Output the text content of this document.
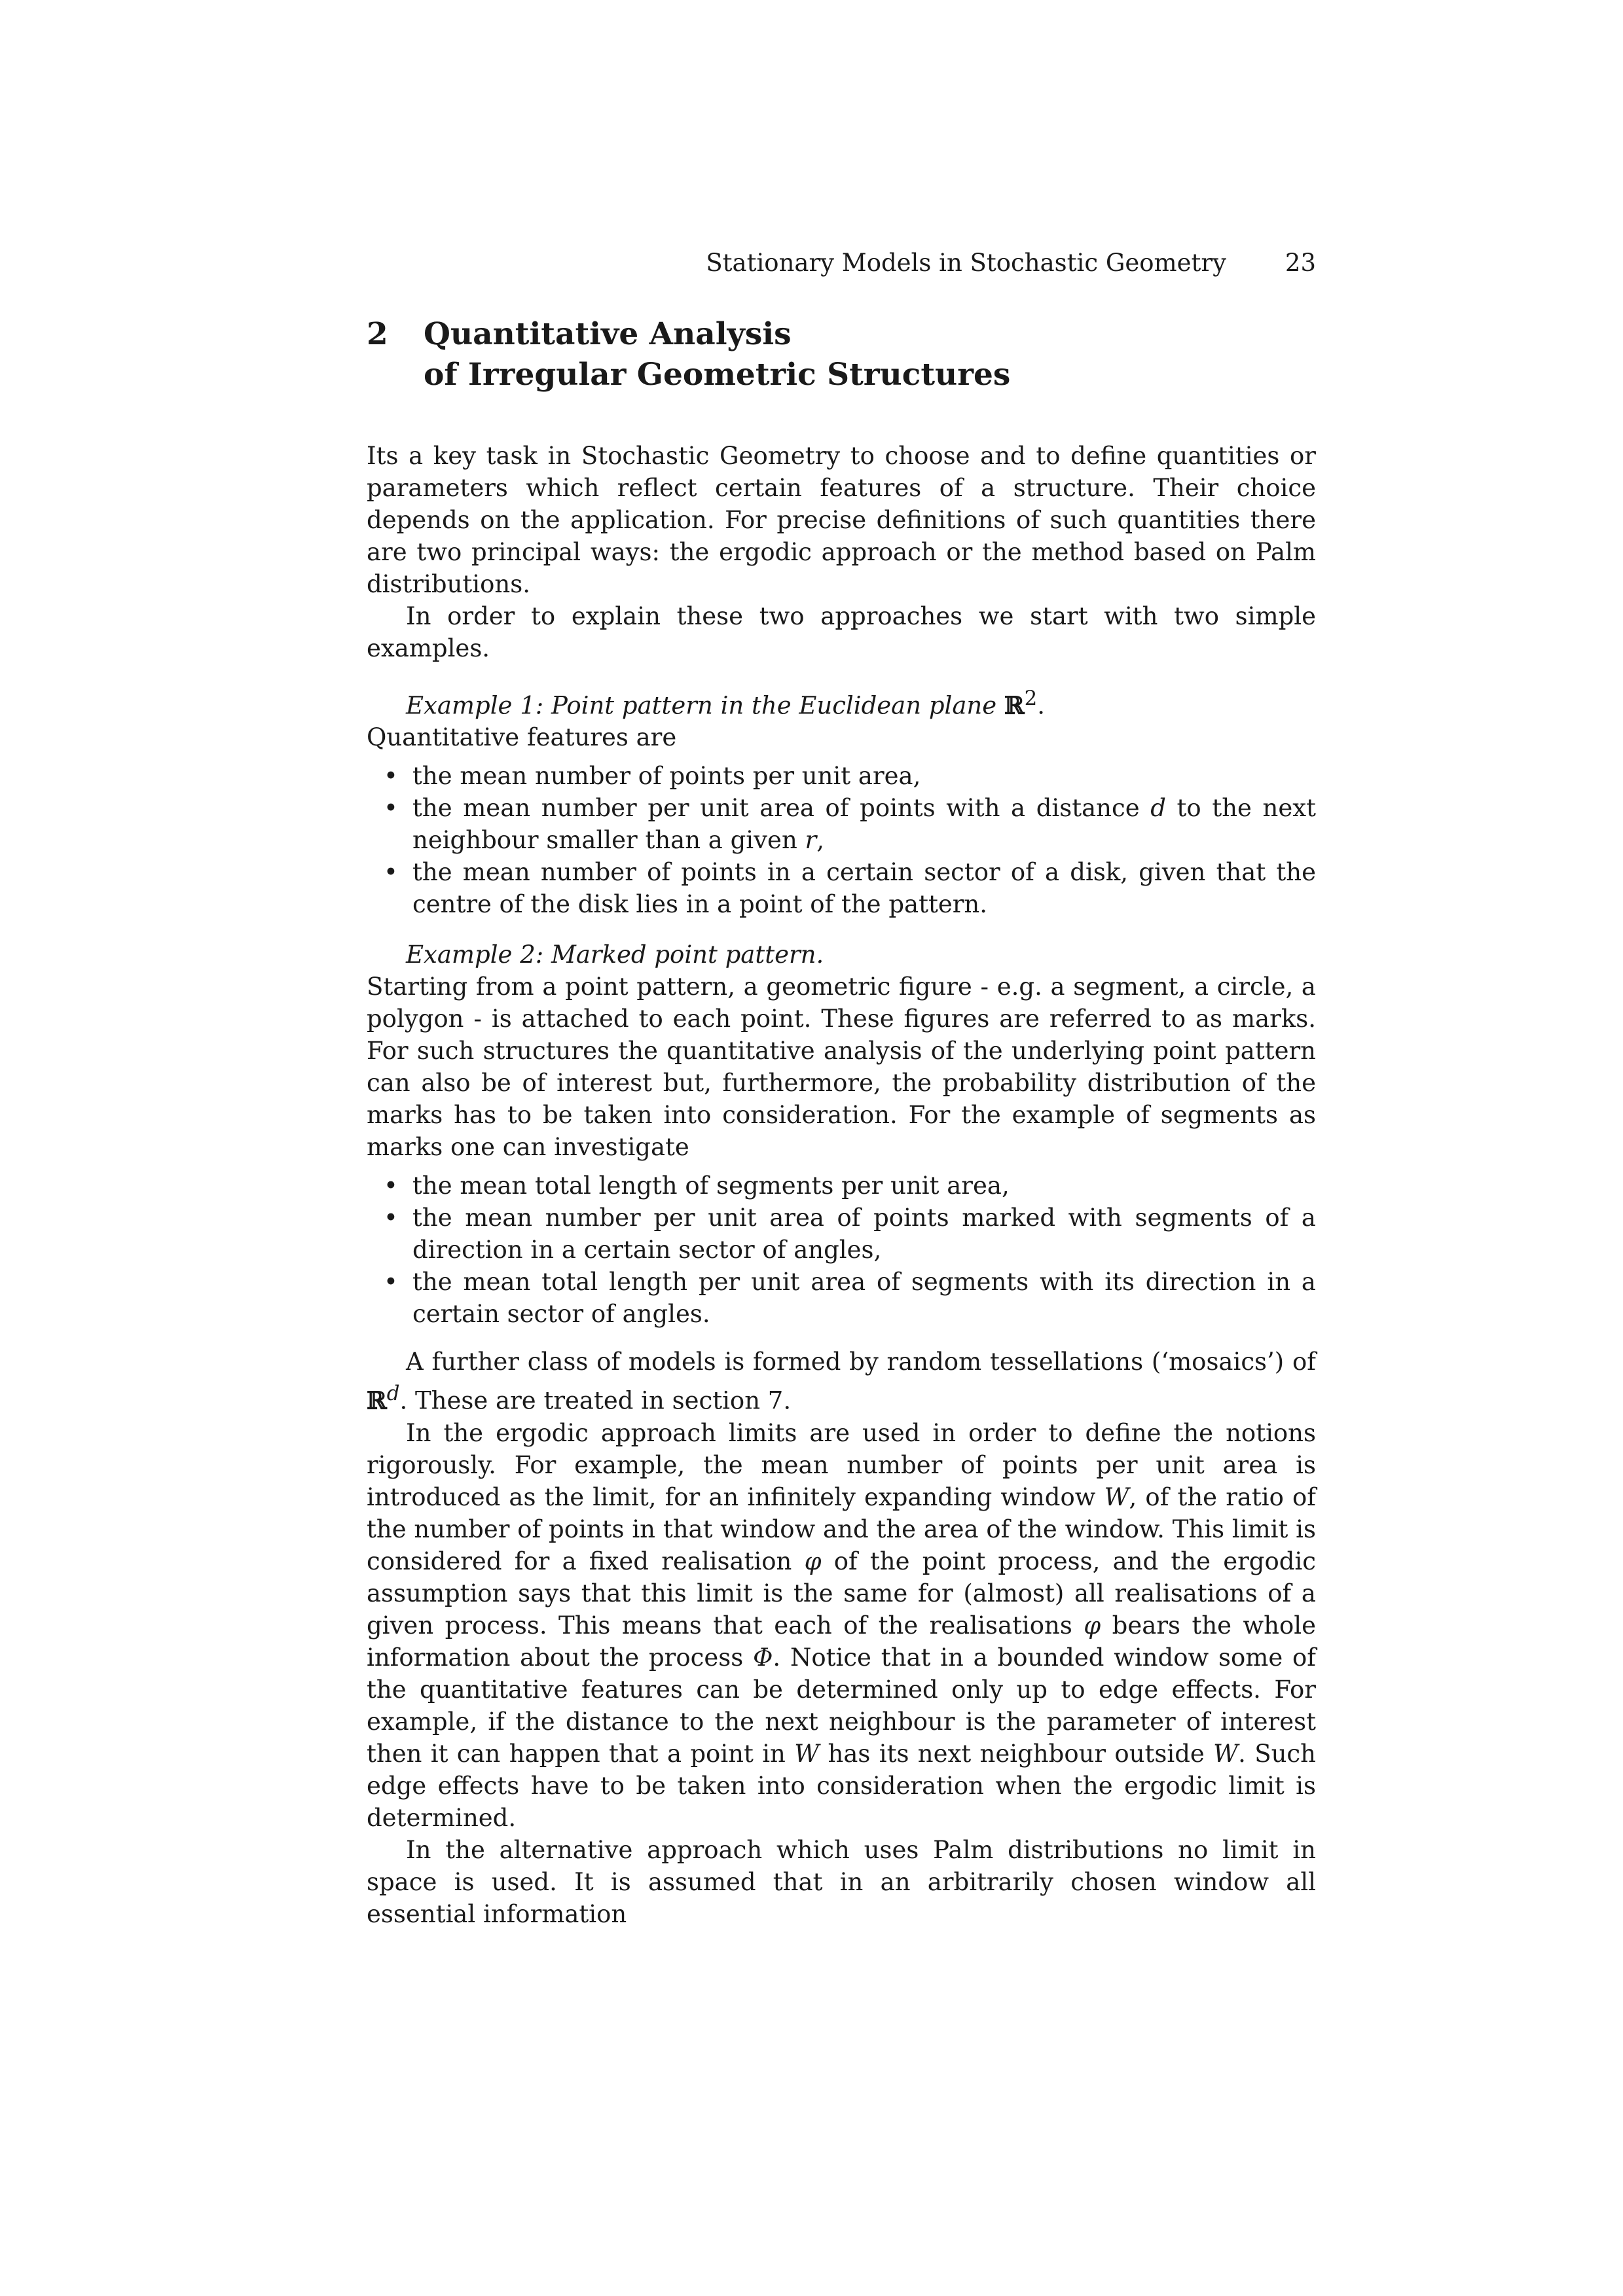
Stationary Models in Stochastic Geometry 23
2	Quantitative Analysis
of Irregular Geometric Structures

Its a key task in Stochastic Geometry to choose and to define quantities or parameters which reflect certain features of a structure. Their choice depends on the application. For precise definitions of such quantities there are two principal ways: the ergodic approach or the method based on Palm distributions.

In order to explain these two approaches we start with two simple examples.

Example 1: Point pattern in the Euclidean plane ℝ$^2$.

Quantitative features are

• the mean number of points per unit area,
• the mean number per unit area of points with a distance d to the next neighbour smaller than a given r,
• the mean number of points in a certain sector of a disk, given that the centre of the disk lies in a point of the pattern.

Example 2: Marked point pattern.

Starting from a point pattern, a geometric figure - e.g. a segment, a circle, a polygon - is attached to each point. These figures are referred to as marks. For such structures the quantitative analysis of the underlying point pattern can also be of interest but, furthermore, the probability distribution of the marks has to be taken into consideration. For the example of segments as marks one can investigate

• the mean total length of segments per unit area,
• the mean number per unit area of points marked with segments of a direction in a certain sector of angles,
• the mean total length per unit area of segments with its direction in a certain sector of angles.

A further class of models is formed by random tessellations (‘mosaics’) of ℝ$^d$. These are treated in section 7.

In the ergodic approach limits are used in order to define the notions rigorously. For example, the mean number of points per unit area is introduced as the limit, for an infinitely expanding window W, of the ratio of the number of points in that window and the area of the window. This limit is considered for a fixed realisation φ of the point process, and the ergodic assumption says that this limit is the same for (almost) all realisations of a given process. This means that each of the realisations φ bears the whole information about the process Φ. Notice that in a bounded window some of the quantitative features can be determined only up to edge effects. For example, if the distance to the next neighbour is the parameter of interest then it can happen that a point in W has its next neighbour outside W. Such edge effects have to be taken into consideration when the ergodic limit is determined.

In the alternative approach which uses Palm distributions no limit in space is used. It is assumed that in an arbitrarily chosen window all essential information
